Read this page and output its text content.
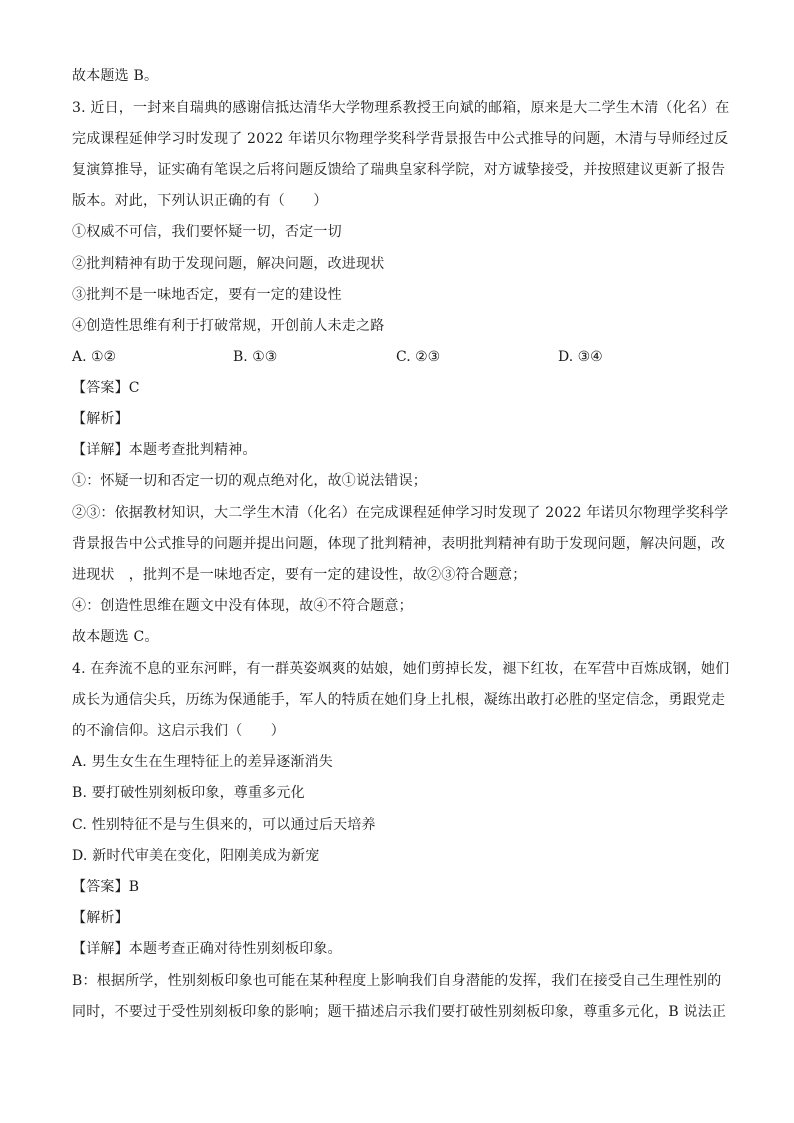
故本题选 B。
3. 近日，一封来自瑞典的感谢信抵达清华大学物理系教授王向斌的邮箱，原来是大二学生木清（化名）在
完成课程延伸学习时发现了 2022 年诺贝尔物理学奖科学背景报告中公式推导的问题，木清与导师经过反
复演算推导，证实确有笔误之后将问题反馈给了瑞典皇家科学院，对方诚挚接受，并按照建议更新了报告
版本。对此，下列认识正确的有（　　）
①权威不可信，我们要怀疑一切，否定一切
②批判精神有助于发现问题，解决问题，改进现状
③批判不是一味地否定，要有一定的建设性
④创造性思维有利于打破常规，开创前人未走之路
A. ①②	B. ①③	C. ②③	D. ③④
【答案】C
【解析】
【详解】本题考查批判精神。
①：怀疑一切和否定一切的观点绝对化，故①说法错误；
②③：依据教材知识，大二学生木清（化名）在完成课程延伸学习时发现了 2022 年诺贝尔物理学奖科学
背景报告中公式推导的问题并提出问题，体现了批判精神，表明批判精神有助于发现问题，解决问题，改
进现状　，批判不是一味地否定，要有一定的建设性，故②③符合题意；
④：创造性思维在题文中没有体现，故④不符合题意；
故本题选 C。
4. 在奔流不息的亚东河畔，有一群英姿飒爽的姑娘，她们剪掉长发，褪下红妆，在军营中百炼成钢，她们
成长为通信尖兵，历练为保通能手，军人的特质在她们身上扎根，凝练出敢打必胜的坚定信念，勇跟党走
的不渝信仰。这启示我们（　　）
A. 男生女生在生理特征上的差异逐渐消失
B. 要打破性别刻板印象，尊重多元化
C. 性别特征不是与生俱来的，可以通过后天培养
D. 新时代审美在变化，阳刚美成为新宠
【答案】B
【解析】
【详解】本题考查正确对待性别刻板印象。
B：根据所学，性别刻板印象也可能在某种程度上影响我们自身潜能的发挥，我们在接受自己生理性别的
同时，不要过于受性别刻板印象的影响；题干描述启示我们要打破性别刻板印象，尊重多元化，B 说法正
